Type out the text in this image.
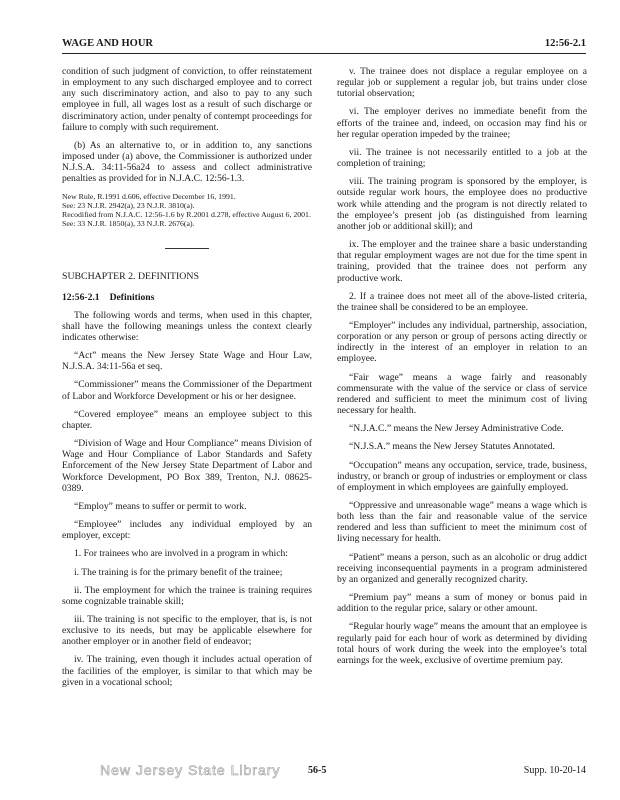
WAGE AND HOUR	12:56-2.1

condition of such judgment of conviction, to offer reinstatement in employment to any such discharged employee and to correct any such discriminatory action, and also to pay to any such employee in full, all wages lost as a result of such discharge or discriminatory action, under penalty of contempt proceedings for failure to comply with such requirement.

(b) As an alternative to, or in addition to, any sanctions imposed under (a) above, the Commissioner is authorized under N.J.S.A. 34:11-56a24 to assess and collect administrative penalties as provided for in N.J.A.C. 12:56-1.3.

New Rule, R.1991 d.606, effective December 16, 1991.

See: 23 N.J.R. 2942(a), 23 N.J.R. 3810(a).

Recodified from N.J.A.C. 12:56-1.6 by R.2001 d.278, effective August 6, 2001.

See: 33 N.J.R. 1850(a), 33 N.J.R. 2676(a).

SUBCHAPTER 2. DEFINITIONS

12:56-2.1 Definitions

The following words and terms, when used in this chapter, shall have the following meanings unless the context clearly indicates otherwise:

“Act” means the New Jersey State Wage and Hour Law, N.J.S.A. 34:11-56a et seq.

“Commissioner” means the Commissioner of the Department of Labor and Workforce Development or his or her designee.

“Covered employee” means an employee subject to this chapter.

“Division of Wage and Hour Compliance” means Division of Wage and Hour Compliance of Labor Standards and Safety Enforcement of the New Jersey State Department of Labor and Workforce Development, PO Box 389, Trenton, N.J. 08625-0389.

“Employ” means to suffer or permit to work.

“Employee” includes any individual employed by an employer, except:

1. For trainees who are involved in a program in which:

i. The training is for the primary benefit of the trainee;

ii. The employment for which the trainee is training requires some cognizable trainable skill;

iii. The training is not specific to the employer, that is, is not exclusive to its needs, but may be applicable elsewhere for another employer or in another field of endeavor;

iv. The training, even though it includes actual operation of the facilities of the employer, is similar to that which may be given in a vocational school;

v. The trainee does not displace a regular employee on a regular job or supplement a regular job, but trains under close tutorial observation;

vi. The employer derives no immediate benefit from the efforts of the trainee and, indeed, on occasion may find his or her regular operation impeded by the trainee;

vii. The trainee is not necessarily entitled to a job at the completion of training;

viii. The training program is sponsored by the employer, is outside regular work hours, the employee does no productive work while attending and the program is not directly related to the employee’s present job (as distinguished from learning another job or additional skill); and

ix. The employer and the trainee share a basic understanding that regular employment wages are not due for the time spent in training, provided that the trainee does not perform any productive work.

2. If a trainee does not meet all of the above-listed criteria, the trainee shall be considered to be an employee.

“Employer” includes any individual, partnership, association, corporation or any person or group of persons acting directly or indirectly in the interest of an employer in relation to an employee.

“Fair wage” means a wage fairly and reasonably commensurate with the value of the service or class of service rendered and sufficient to meet the minimum cost of living necessary for health.

“N.J.A.C.” means the New Jersey Administrative Code.

“N.J.S.A.” means the New Jersey Statutes Annotated.

“Occupation” means any occupation, service, trade, business, industry, or branch or group of industries or employment or class of employment in which employees are gainfully employed.

“Oppressive and unreasonable wage” means a wage which is both less than the fair and reasonable value of the service rendered and less than sufficient to meet the minimum cost of living necessary for health.

“Patient” means a person, such as an alcoholic or drug addict receiving inconsequential payments in a program administered by an organized and generally recognized charity.

“Premium pay” means a sum of money or bonus paid in addition to the regular price, salary or other amount.

“Regular hourly wage” means the amount that an employee is regularly paid for each hour of work as determined by dividing total hours of work during the week into the employee’s total earnings for the week, exclusive of overtime premium pay.

New Jersey State Library	56-5	Supp. 10-20-14
